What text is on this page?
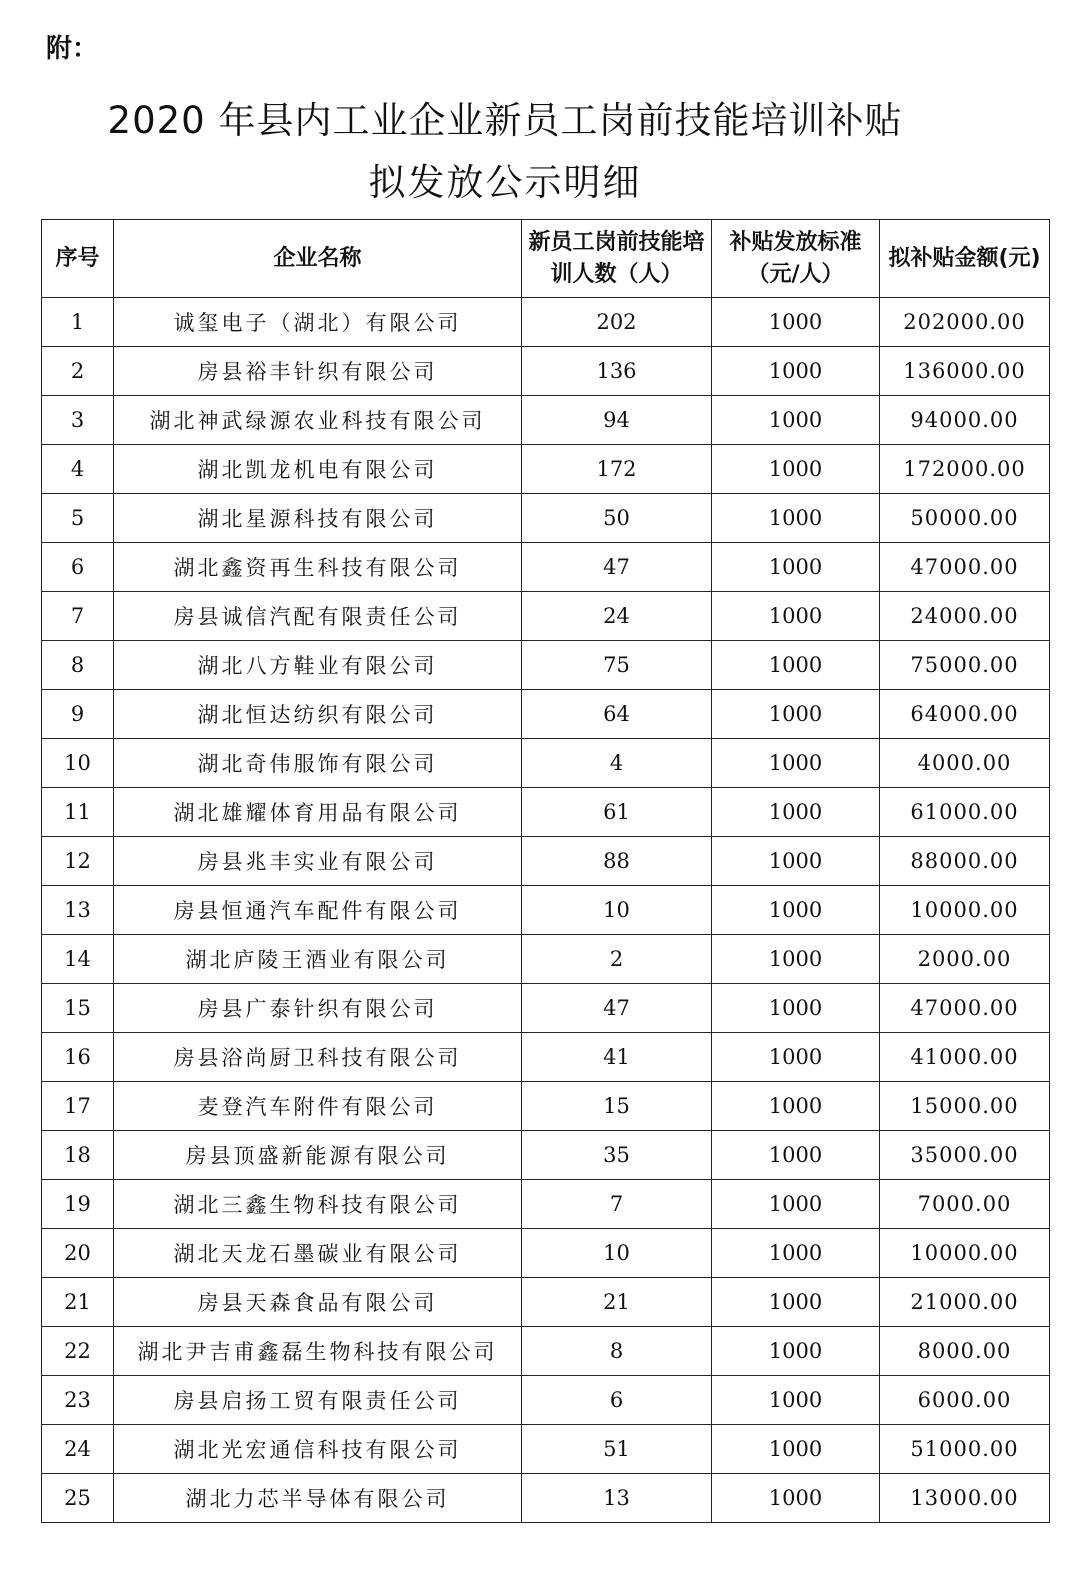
附：
2020 年县内工业企业新员工岗前技能培训补贴
拟发放公示明细
序号	企业名称	新员工岗前技能培训人数（人）	补贴发放标准（元/人）	拟补贴金额(元)
1	诚玺电子（湖北）有限公司	202	1000	202000.00
2	房县裕丰针织有限公司	136	1000	136000.00
3	湖北神武绿源农业科技有限公司	94	1000	94000.00
4	湖北凯龙机电有限公司	172	1000	172000.00
5	湖北星源科技有限公司	50	1000	50000.00
6	湖北鑫资再生科技有限公司	47	1000	47000.00
7	房县诚信汽配有限责任公司	24	1000	24000.00
8	湖北八方鞋业有限公司	75	1000	75000.00
9	湖北恒达纺织有限公司	64	1000	64000.00
10	湖北奇伟服饰有限公司	4	1000	4000.00
11	湖北雄耀体育用品有限公司	61	1000	61000.00
12	房县兆丰实业有限公司	88	1000	88000.00
13	房县恒通汽车配件有限公司	10	1000	10000.00
14	湖北庐陵王酒业有限公司	2	1000	2000.00
15	房县广泰针织有限公司	47	1000	47000.00
16	房县浴尚厨卫科技有限公司	41	1000	41000.00
17	麦登汽车附件有限公司	15	1000	15000.00
18	房县顶盛新能源有限公司	35	1000	35000.00
19	湖北三鑫生物科技有限公司	7	1000	7000.00
20	湖北天龙石墨碳业有限公司	10	1000	10000.00
21	房县天森食品有限公司	21	1000	21000.00
22	湖北尹吉甫鑫磊生物科技有限公司	8	1000	8000.00
23	房县启扬工贸有限责任公司	6	1000	6000.00
24	湖北光宏通信科技有限公司	51	1000	51000.00
25	湖北力芯半导体有限公司	13	1000	13000.00
